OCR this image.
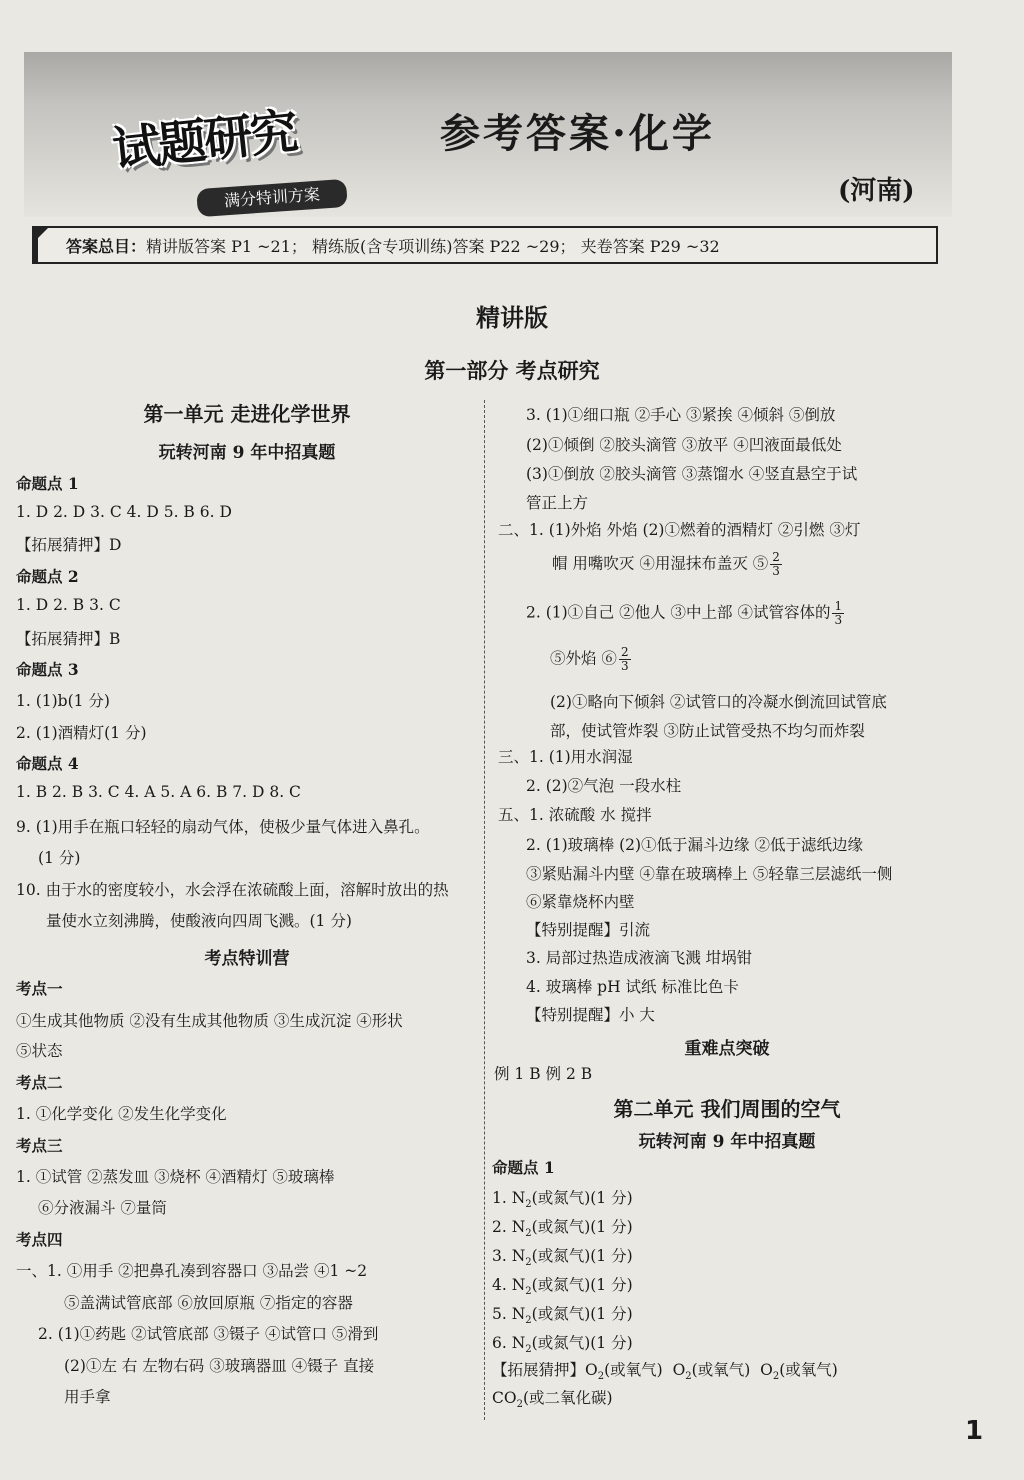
试题研究
满分特训方案
参考答案·化学
(河南)
答案总目：精讲版答案 P1 ~21； 精练版(含专项训练)答案 P22 ~29； 夹卷答案 P29 ~32
精讲版
第一部分 考点研究
第一单元 走进化学世界
玩转河南 9 年中招真题
命题点 1
1. D 2. D 3. C 4. D 5. B 6. D
【拓展猜押】D
命题点 2
1. D 2. B 3. C
【拓展猜押】B
命题点 3
1. (1)b(1 分)
2. (1)酒精灯(1 分)
命题点 4
1. B 2. B 3. C 4. A 5. A 6. B 7. D 8. C
9. (1)用手在瓶口轻轻的扇动气体，使极少量气体进入鼻孔。
(1 分)
10. 由于水的密度较小，水会浮在浓硫酸上面，溶解时放出的热
量使水立刻沸腾，使酸液向四周飞溅。(1 分)
考点特训营
考点一
①生成其他物质 ②没有生成其他物质 ③生成沉淀 ④形状
⑤状态
考点二
1. ①化学变化 ②发生化学变化
考点三
1. ①试管 ②蒸发皿 ③烧杯 ④酒精灯 ⑤玻璃棒
⑥分液漏斗 ⑦量筒
考点四
一、1. ①用手 ②把鼻孔凑到容器口 ③品尝 ④1 ~2
⑤盖满试管底部 ⑥放回原瓶 ⑦指定的容器
2. (1)①药匙 ②试管底部 ③镊子 ④试管口 ⑤滑到
(2)①左 右 左物右码 ③玻璃器皿 ④镊子 直接
用手拿
3. (1)①细口瓶 ②手心 ③紧挨 ④倾斜 ⑤倒放
(2)①倾倒 ②胶头滴管 ③放平 ④凹液面最低处
(3)①倒放 ②胶头滴管 ③蒸馏水 ④竖直悬空于试
管正上方
二、1. (1)外焰 外焰 (2)①燃着的酒精灯 ②引燃 ③灯
帽 用嘴吹灭 ④用湿抹布盖灭 ⑤ $\frac{2}{3}$
2. (1)①自己 ②他人 ③中上部 ④试管容体的 $\frac{1}{3}$
⑤外焰 ⑥ $\frac{2}{3}$
(2)①略向下倾斜 ②试管口的冷凝水倒流回试管底
部，使试管炸裂 ③防止试管受热不均匀而炸裂
三、1. (1)用水润湿
2. (2)②气泡 一段水柱
五、1. 浓硫酸 水 搅拌
2. (1)玻璃棒 (2)①低于漏斗边缘 ②低于滤纸边缘
③紧贴漏斗内壁 ④靠在玻璃棒上 ⑤轻靠三层滤纸一侧
⑥紧靠烧杯内壁
【特别提醒】引流
3. 局部过热造成液滴飞溅 坩埚钳
4. 玻璃棒 pH 试纸 标准比色卡
【特别提醒】小 大
重难点突破
例 1 B 例 2 B
第二单元 我们周围的空气
玩转河南 9 年中招真题
命题点 1
1. $N_2$(或氮气)(1 分)
2. $N_2$(或氮气)(1 分)
3. $N_2$(或氮气)(1 分)
4. $N_2$(或氮气)(1 分)
5. $N_2$(或氮气)(1 分)
6. $N_2$(或氮气)(1 分)
【拓展猜押】$O_2$(或氧气) $O_2$(或氧气) $O_2$(或氧气)
$CO_2$(或二氧化碳)
1
